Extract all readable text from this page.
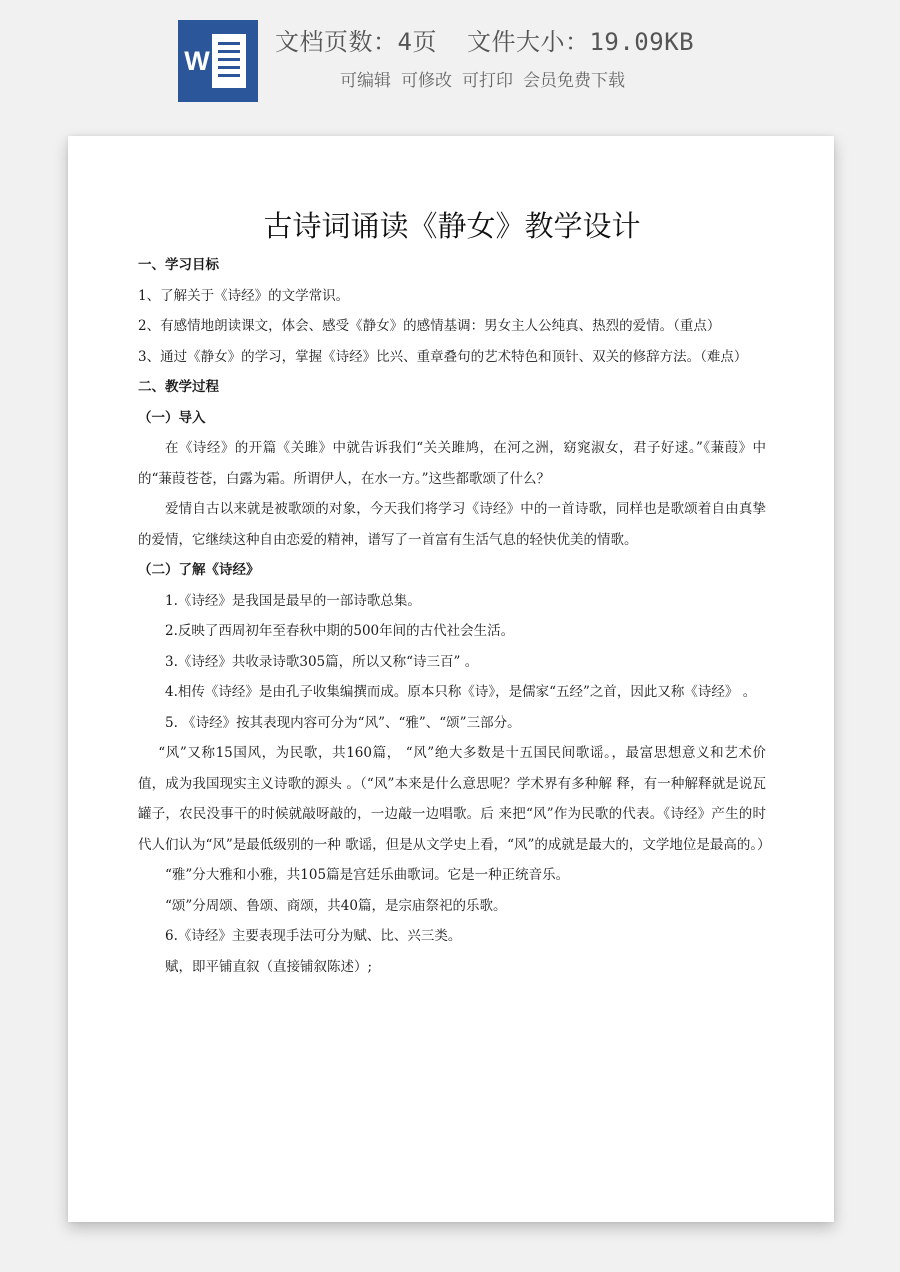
W
文档页数：4页 文件大小：19.09KB
可编辑 可修改 可打印 会员免费下载
古诗词诵读《静女》教学设计

一、学习目标

1、了解关于《诗经》的文学常识。

2、有感情地朗读课文，体会、感受《静女》的感情基调：男女主人公纯真、热烈的爱情。（重点）

3、通过《静女》的学习，掌握《诗经》比兴、重章叠句的艺术特色和顶针、双关的修辞方法。（难点）

二、教学过程

（一）导入

在《诗经》的开篇《关雎》中就告诉我们“关关雎鸠，在河之洲，窈窕淑女，君子好逑。”《蒹葭》中的“蒹葭苍苍，白露为霜。所谓伊人，在水一方。”这些都歌颂了什么？

爱情自古以来就是被歌颂的对象，今天我们将学习《诗经》中的一首诗歌，同样也是歌颂着自由真挚的爱情，它继续这种自由恋爱的精神，谱写了一首富有生活气息的轻快优美的情歌。

（二）了解《诗经》

1.《诗经》是我国是最早的一部诗歌总集。

2.反映了西周初年至春秋中期的500年间的古代社会生活。

3.《诗经》共收录诗歌305篇，所以又称“诗三百” 。

4.相传《诗经》是由孔子收集编撰而成。原本只称《诗》，是儒家“五经”之首，因此又称《诗经》 。

5. 《诗经》按其表现内容可分为“风”、“雅”、“颂”三部分。

“风”又称15国风，为民歌，共160篇， “风”绝大多数是十五国民间歌谣。，最富思想意义和艺术价值，成为我国现实主义诗歌的源头 。（“风”本来是什么意思呢？学术界有多种解 释，有一种解释就是说瓦罐子，农民没事干的时候就敲呀敲的，一边敲一边唱歌。后 来把“风”作为民歌的代表。《诗经》产生的时代人们认为“风”是最低级别的一种 歌谣，但是从文学史上看，“风”的成就是最大的，文学地位是最高的。）

“雅”分大雅和小雅，共105篇是宫廷乐曲歌词。它是一种正统音乐。

“颂”分周颂、鲁颂、商颂，共40篇，是宗庙祭祀的乐歌。

6.《诗经》主要表现手法可分为赋、比、兴三类。

赋，即平铺直叙（直接铺叙陈述）;
